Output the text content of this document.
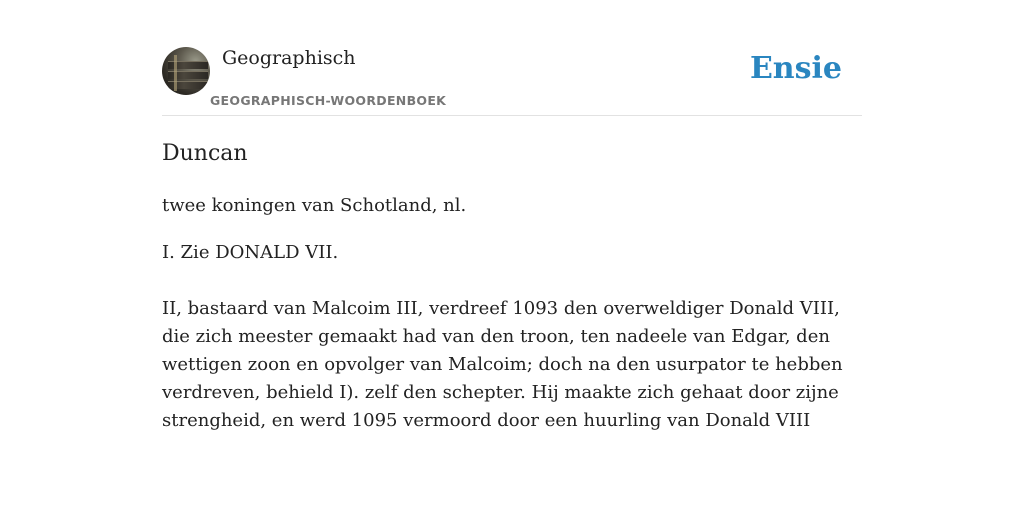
Geographisch
GEOGRAPHISCH-WOORDENBOEK
Ensie
Duncan

twee koningen van Schotland, nl.

I. Zie DONALD VII.

II, bastaard van Malcoim III, verdreef 1093 den overweldiger Donald VIII, die zich meester gemaakt had van den troon, ten nadeele van Edgar, den wettigen zoon en opvolger van Malcoim; doch na den usurpator te hebben verdreven, behield I). zelf den schepter. Hij maakte zich gehaat door zijne strengheid, en werd 1095 vermoord door een huurling van Donald VIII
